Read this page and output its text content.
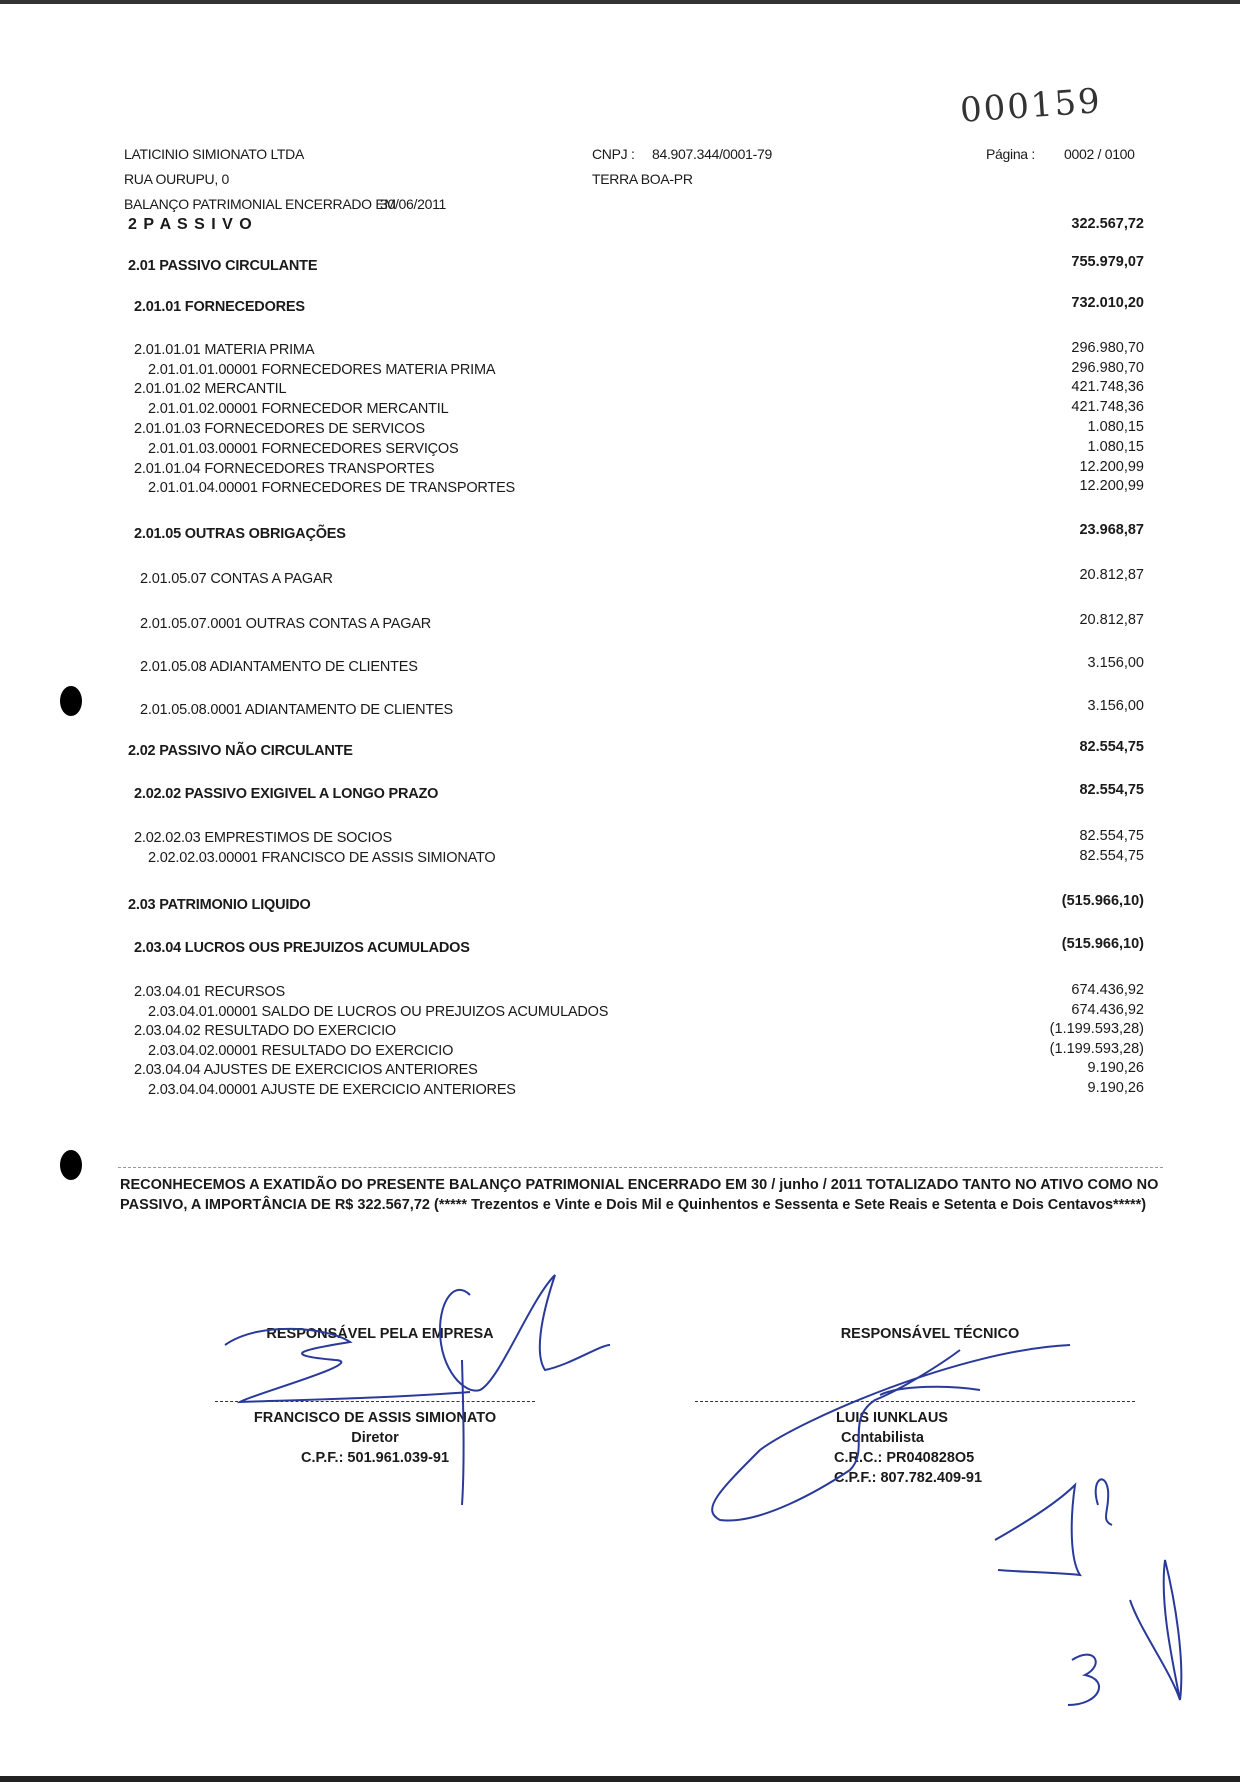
000159
LATICINIO SIMIONATO LTDA
RUA OURUPU, 0
BALANÇO PATRIMONIAL ENCERRADO EM
30/06/2011
CNPJ : 84.907.344/0001-79
TERRA BOA-PR
Página : 0002 / 0100
2 P A S S I V O	322.567,72
2.01 PASSIVO CIRCULANTE	755.979,07
2.01.01 FORNECEDORES	732.010,20
2.01.01.01 MATERIA PRIMA	296.980,70
2.01.01.01.00001 FORNECEDORES MATERIA PRIMA	296.980,70
2.01.01.02 MERCANTIL	421.748,36
2.01.01.02.00001 FORNECEDOR MERCANTIL	421.748,36
2.01.01.03 FORNECEDORES DE SERVICOS	1.080,15
2.01.01.03.00001 FORNECEDORES SERVIÇOS	1.080,15
2.01.01.04 FORNECEDORES TRANSPORTES	12.200,99
2.01.01.04.00001 FORNECEDORES DE TRANSPORTES	12.200,99
2.01.05 OUTRAS OBRIGAÇÕES	23.968,87
2.01.05.07 CONTAS A PAGAR	20.812,87
2.01.05.07.0001 OUTRAS CONTAS A PAGAR	20.812,87
2.01.05.08 ADIANTAMENTO DE CLIENTES	3.156,00
2.01.05.08.0001 ADIANTAMENTO DE CLIENTES	3.156,00
2.02 PASSIVO NÃO CIRCULANTE	82.554,75
2.02.02 PASSIVO EXIGIVEL A LONGO PRAZO	82.554,75
2.02.02.03 EMPRESTIMOS DE SOCIOS	82.554,75
2.02.02.03.00001 FRANCISCO DE ASSIS SIMIONATO	82.554,75
2.03 PATRIMONIO LIQUIDO	(515.966,10)
2.03.04 LUCROS OUS PREJUIZOS ACUMULADOS	(515.966,10)
2.03.04.01 RECURSOS	674.436,92
2.03.04.01.00001 SALDO DE LUCROS OU PREJUIZOS ACUMULADOS	674.436,92
2.03.04.02 RESULTADO DO EXERCICIO	(1.199.593,28)
2.03.04.02.00001 RESULTADO DO EXERCICIO	(1.199.593,28)
2.03.04.04 AJUSTES DE EXERCICIOS ANTERIORES	9.190,26
2.03.04.04.00001 AJUSTE DE EXERCICIO ANTERIORES	9.190,26
RECONHECEMOS A EXATIDÃO DO PRESENTE BALANÇO PATRIMONIAL ENCERRADO EM 30 / junho / 2011 TOTALIZADO TANTO NO ATIVO COMO NO PASSIVO, A IMPORTÂNCIA DE R$ 322.567,72 (***** Trezentos e Vinte e Dois Mil e Quinhentos e Sessenta e Sete Reais e Setenta e Dois Centavos*****)
RESPONSÁVEL PELA EMPRESA
FRANCISCO DE ASSIS SIMIONATO
Diretor
C.P.F.: 501.961.039-91
RESPONSÁVEL TÉCNICO
LUIS IUNKLAUS
Contabilista
C.R.C.: PR040828O5
C.P.F.: 807.782.409-91
